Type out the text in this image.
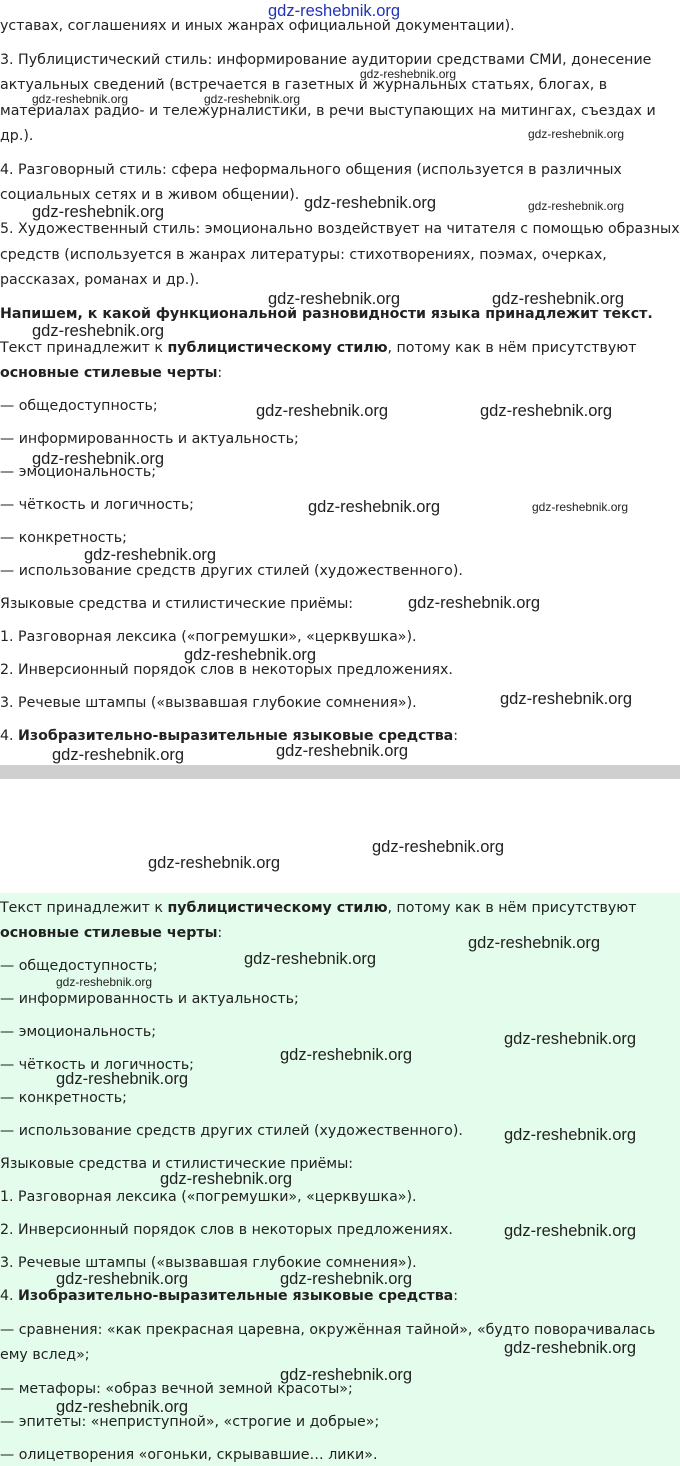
уставах, соглашениях и иных жанрах официальной документации).
3. Публицистический стиль: информирование аудитории средствами СМИ, донесение
актуальных сведений (встречается в газетных и журнальных статьях, блогах, в
материалах радио- и тележурналистики, в речи выступающих на митингах, съездах и
др.).
4. Разговорный стиль: сфера неформального общения (используется в различных
социальных сетях и в живом общении).
5. Художественный стиль: эмоционально воздействует на читателя с помощью образных
средств (используется в жанрах литературы: стихотворениях, поэмах, очерках,
рассказах, романах и др.).
Напишем, к какой функциональной разновидности языка принадлежит текст.
Текст принадлежит к публицистическому стилю, потому как в нём присутствуют
основные стилевые черты:
— общедоступность;
— информированность и актуальность;
— эмоциональность;
— чёткость и логичность;
— конкретность;
— использование средств других стилей (художественного).
Языковые средства и стилистические приёмы:
1. Разговорная лексика («погремушки», «церквушка»).
2. Инверсионный порядок слов в некоторых предложениях.
3. Речевые штампы («вызвавшая глубокие сомнения»).
4. Изобразительно-выразительные языковые средства:
Текст принадлежит к публицистическому стилю, потому как в нём присутствуют
основные стилевые черты:
— общедоступность;
— информированность и актуальность;
— эмоциональность;
— чёткость и логичность;
— конкретность;
— использование средств других стилей (художественного).
Языковые средства и стилистические приёмы:
1. Разговорная лексика («погремушки», «церквушка»).
2. Инверсионный порядок слов в некоторых предложениях.
3. Речевые штампы («вызвавшая глубокие сомнения»).
4. Изобразительно-выразительные языковые средства:
— сравнения: «как прекрасная царевна, окружённая тайной», «будто поворачивалась
ему вслед»;
— метафоры: «образ вечной земной красоты»;
— эпитеты: «неприступной», «строгие и добрые»;
— олицетворения «огоньки, скрывавшие… лики».
gdz-reshebnik.org
gdz-reshebnik.org
gdz-reshebnik.org	gdz-reshebnik.org
gdz-reshebnik.org
gdz-reshebnik.org	gdz-reshebnik.org
gdz-reshebnik.org
gdz-reshebnik.org	gdz-reshebnik.org
gdz-reshebnik.org
gdz-reshebnik.org	gdz-reshebnik.org
gdz-reshebnik.org
gdz-reshebnik.org	gdz-reshebnik.org
gdz-reshebnik.org
gdz-reshebnik.org
gdz-reshebnik.org
gdz-reshebnik.org
gdz-reshebnik.org
gdz-reshebnik.org
gdz-reshebnik.org
gdz-reshebnik.org
gdz-reshebnik.org
gdz-reshebnik.org
gdz-reshebnik.org
gdz-reshebnik.org
gdz-reshebnik.org
gdz-reshebnik.org
gdz-reshebnik.org
gdz-reshebnik.org
gdz-reshebnik.org
gdz-reshebnik.org	gdz-reshebnik.org
gdz-reshebnik.org
gdz-reshebnik.org
gdz-reshebnik.org
